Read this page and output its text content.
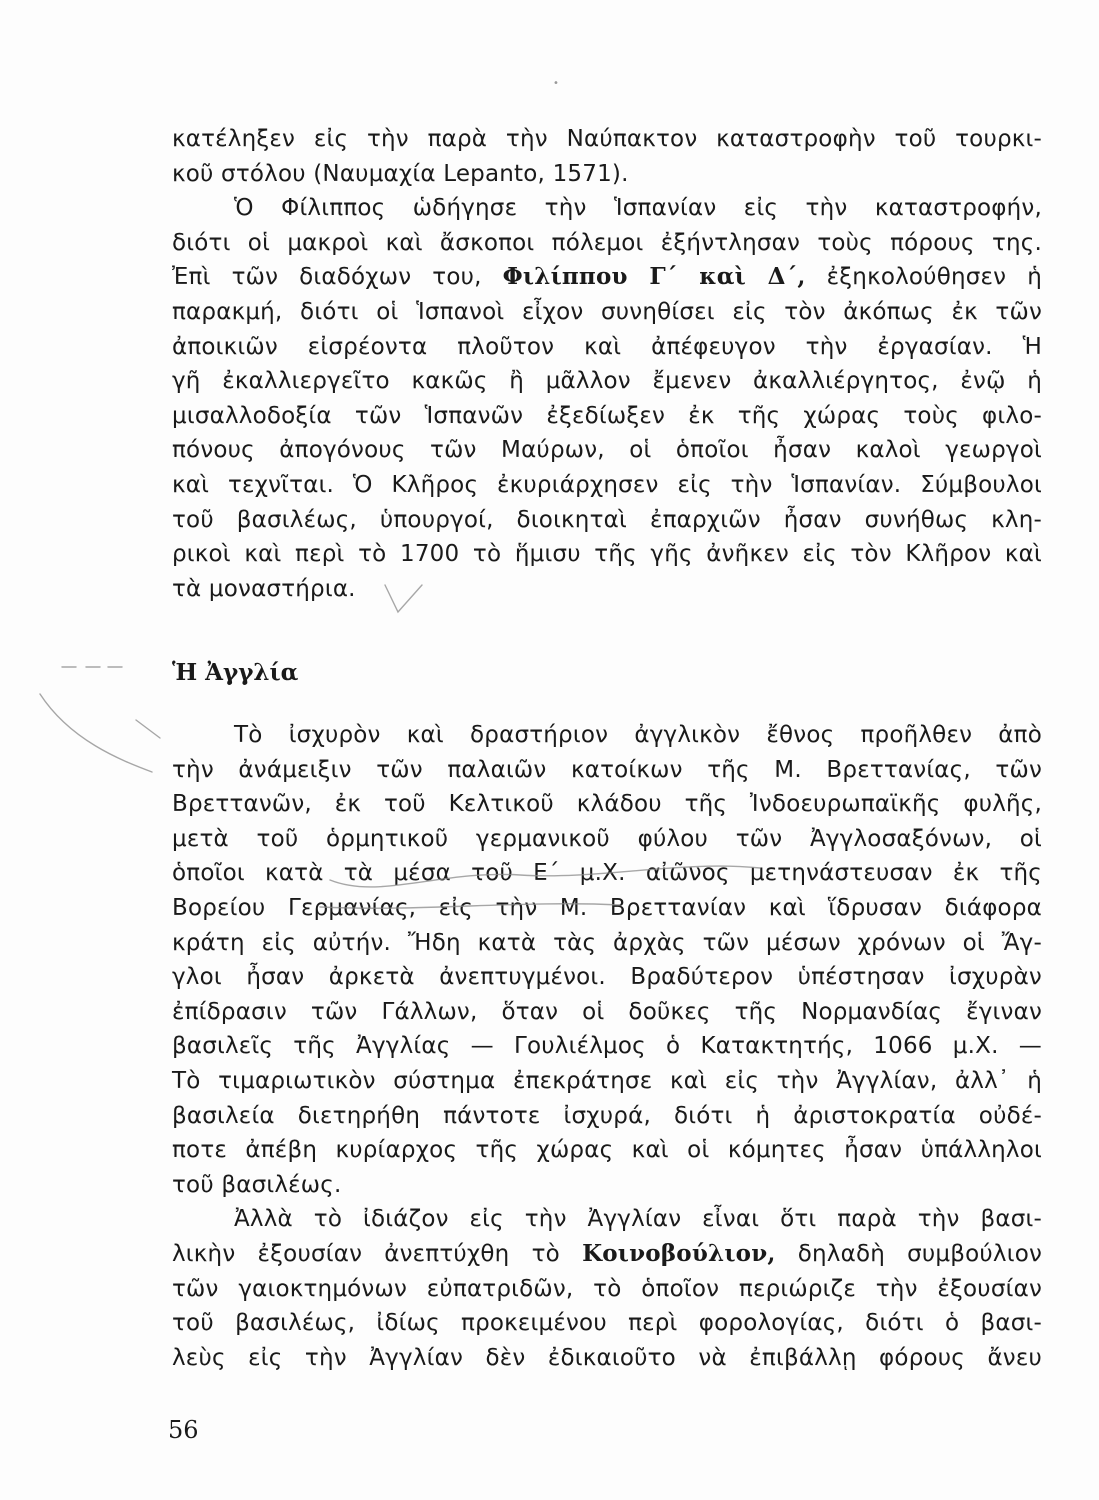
•
κατέληξεν εἰς τὴν παρὰ τὴν Ναύπακτον καταστροφὴν τοῦ τουρκι-
κοῦ στόλου (Ναυμαχία Lepanto, 1571).
Ὁ Φίλιππος ὡδήγησε τὴν Ἱσπανίαν εἰς τὴν καταστροφήν,
διότι οἱ μακροὶ καὶ ἄσκοποι πόλεμοι ἐξήντλησαν τοὺς πόρους της.
Ἐπὶ τῶν διαδόχων του, Φιλίππου Γ΄ καὶ Δ΄, ἐξηκολούθησεν ἡ
παρακμή, διότι οἱ Ἱσπανοὶ εἶχον συνηθίσει εἰς τὸν ἀκόπως ἐκ τῶν
ἀποικιῶν εἰσρέοντα πλοῦτον καὶ ἀπέφευγον τὴν ἐργασίαν. Ἡ
γῆ ἐκαλλιεργεῖτο κακῶς ἢ μᾶλλον ἔμενεν ἀκαλλιέργητος, ἐνῷ ἡ
μισαλλοδοξία τῶν Ἱσπανῶν ἐξεδίωξεν ἐκ τῆς χώρας τοὺς φιλο-
πόνους ἀπογόνους τῶν Μαύρων, οἱ ὁποῖοι ἦσαν καλοὶ γεωργοὶ
καὶ τεχνῖται. Ὁ Κλῆρος ἐκυριάρχησεν εἰς τὴν Ἱσπανίαν. Σύμβουλοι
τοῦ βασιλέως, ὑπουργοί, διοικηταὶ ἐπαρχιῶν ἦσαν συνήθως κλη-
ρικοὶ καὶ περὶ τὸ 1700 τὸ ἥμισυ τῆς γῆς ἀνῆκεν εἰς τὸν Κλῆρον καὶ
τὰ μοναστήρια.
Ἡ Ἀγγλία
Τὸ ἰσχυρὸν καὶ δραστήριον ἀγγλικὸν ἔθνος προῆλθεν ἀπὸ
τὴν ἀνάμειξιν τῶν παλαιῶν κατοίκων τῆς Μ. Βρεττανίας, τῶν
Βρεττανῶν, ἐκ τοῦ Κελτικοῦ κλάδου τῆς Ἰνδοευρωπαϊκῆς φυλῆς,
μετὰ τοῦ ὁρμητικοῦ γερμανικοῦ φύλου τῶν Ἀγγλοσαξόνων, οἱ
ὁποῖοι κατὰ τὰ μέσα τοῦ Ε΄ μ.Χ. αἰῶνος μετηνάστευσαν ἐκ τῆς
Βορείου Γερμανίας, εἰς τὴν Μ. Βρεττανίαν καὶ ἵδρυσαν διάφορα
κράτη εἰς αὐτήν. Ἤδη κατὰ τὰς ἀρχὰς τῶν μέσων χρόνων οἱ Ἄγ-
γλοι ἦσαν ἀρκετὰ ἀνεπτυγμένοι. Βραδύτερον ὑπέστησαν ἰσχυρὰν
ἐπίδρασιν τῶν Γάλλων, ὅταν οἱ δοῦκες τῆς Νορμανδίας ἔγιναν
βασιλεῖς τῆς Ἀγγλίας — Γουλιέλμος ὁ Κατακτητής, 1066 μ.Χ. —
Τὸ τιμαριωτικὸν σύστημα ἐπεκράτησε καὶ εἰς τὴν Ἀγγλίαν, ἀλλ᾿ ἡ
βασιλεία διετηρήθη πάντοτε ἰσχυρά, διότι ἡ ἀριστοκρατία οὐδέ-
ποτε ἀπέβη κυρίαρχος τῆς χώρας καὶ οἱ κόμητες ἦσαν ὑπάλληλοι
τοῦ βασιλέως.
Ἀλλὰ τὸ ἰδιάζον εἰς τὴν Ἀγγλίαν εἶναι ὅτι παρὰ τὴν βασι-
λικὴν ἐξουσίαν ἀνεπτύχθη τὸ Κοινοβούλιον, δηλαδὴ συμβούλιον
τῶν γαιοκτημόνων εὐπατριδῶν, τὸ ὁποῖον περιώριζε τὴν ἐξουσίαν
τοῦ βασιλέως, ἰδίως προκειμένου περὶ φορολογίας, διότι ὁ βασι-
λεὺς εἰς τὴν Ἀγγλίαν δὲν ἐδικαιοῦτο νὰ ἐπιβάλλῃ φόρους ἄνευ
56
